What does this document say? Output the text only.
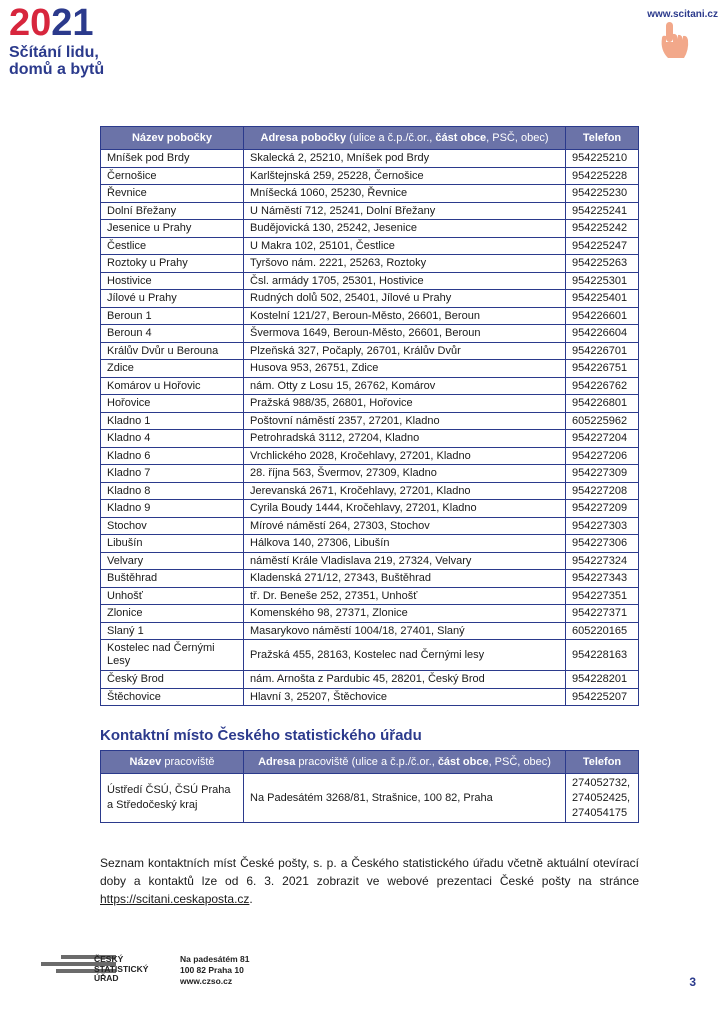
2 0 2 1
Sčítání lidu,
domů a bytů
www.scitani.cz
Název pobočky	Adresa pobočky (ulice a č.p./č.or., část obce, PSČ, obec)	Telefon
Mníšek pod Brdy	Skalecká 2, 25210, Mníšek pod Brdy	954225210
Černošice	Karlštejnská 259, 25228, Černošice	954225228
Řevnice	Mníšecká 1060, 25230, Řevnice	954225230
Dolní Břežany	U Náměstí 712, 25241, Dolní Břežany	954225241
Jesenice u Prahy	Budějovická 130, 25242, Jesenice	954225242
Čestlice	U Makra 102, 25101, Čestlice	954225247
Roztoky u Prahy	Tyršovo nám. 2221, 25263, Roztoky	954225263
Hostivice	Čsl. armády 1705, 25301, Hostivice	954225301
Jílové u Prahy	Rudných dolů 502, 25401, Jílové u Prahy	954225401
Beroun 1	Kostelní 121/27, Beroun-Město, 26601, Beroun	954226601
Beroun 4	Švermova 1649, Beroun-Město, 26601, Beroun	954226604
Králův Dvůr u Berouna	Plzeňská 327, Počaply, 26701, Králův Dvůr	954226701
Zdice	Husova 953, 26751, Zdice	954226751
Komárov u Hořovic	nám. Otty z Losu 15, 26762, Komárov	954226762
Hořovice	Pražská 988/35, 26801, Hořovice	954226801
Kladno 1	Poštovní náměstí 2357, 27201, Kladno	605225962
Kladno 4	Petrohradská 3112, 27204, Kladno	954227204
Kladno 6	Vrchlického 2028, Kročehlavy, 27201, Kladno	954227206
Kladno 7	28. října 563, Švermov, 27309, Kladno	954227309
Kladno 8	Jerevanská 2671, Kročehlavy, 27201, Kladno	954227208
Kladno 9	Cyrila Boudy 1444, Kročehlavy, 27201, Kladno	954227209
Stochov	Mírové náměstí 264, 27303, Stochov	954227303
Libušín	Hálkova 140, 27306, Libušín	954227306
Velvary	náměstí Krále Vladislava 219, 27324, Velvary	954227324
Buštěhrad	Kladenská 271/12, 27343, Buštěhrad	954227343
Unhošť	tř. Dr. Beneše 252, 27351, Unhošť	954227351
Zlonice	Komenského 98, 27371, Zlonice	954227371
Slaný 1	Masarykovo náměstí 1004/18, 27401, Slaný	605220165
Kostelec nad Černými Lesy	Pražská 455, 28163, Kostelec nad Černými lesy	954228163
Český Brod	nám. Arnošta z Pardubic 45, 28201, Český Brod	954228201
Štěchovice	Hlavní 3, 25207, Štěchovice	954225207
Kontaktní místo Českého statistického úřadu
Název pracoviště	Adresa pracoviště (ulice a č.p./č.or., část obce, PSČ, obec)	Telefon
Ústředí ČSÚ, ČSÚ Praha a Středočeský kraj	Na Padesátém 3268/81, Strašnice, 100 82, Praha	274052732,
274052425,
274054175

Seznam kontaktních míst České pošty, s. p. a Českého statistického úřadu včetně aktuální otevírací doby a kontaktů lze od 6. 3. 2021 zobrazit ve webové prezentaci České pošty na stránce https://scitani.ceskaposta.cz.

ČESKÝ
STATISTICKÝ
ÚŘAD
Na padesátém 81
100 82 Praha 10
www.czso.cz	3
